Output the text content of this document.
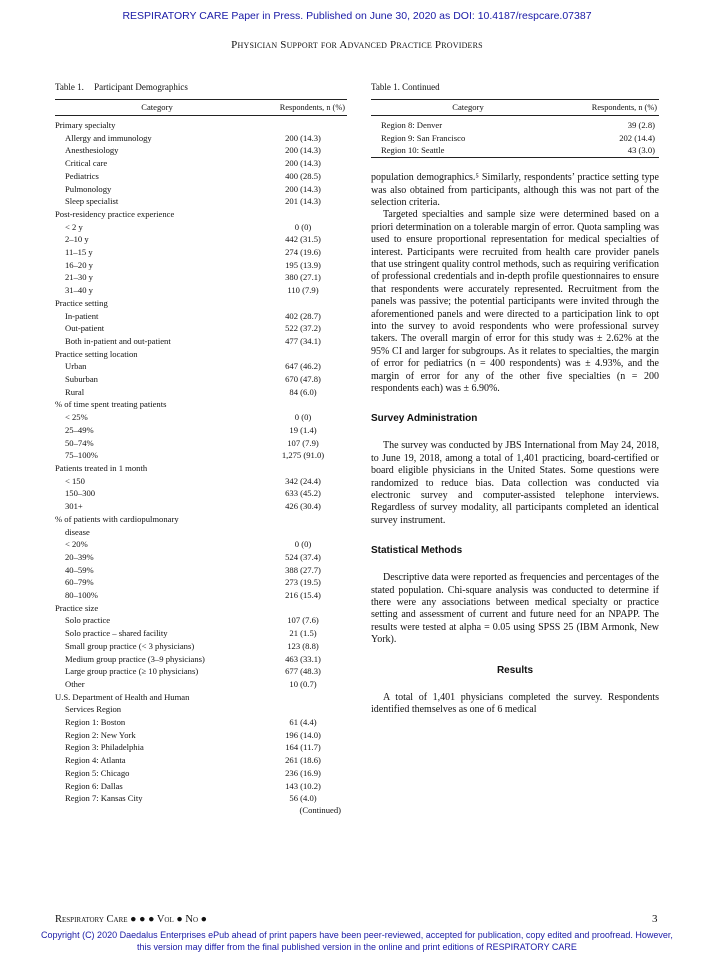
RESPIRATORY CARE Paper in Press. Published on June 30, 2020 as DOI: 10.4187/respcare.07387
Physician Support for Advanced Practice Providers
Table 1. Participant Demographics
Category	Respondents, n (%)
Primary specialty	
Allergy and immunology	200 (14.3)
Anesthesiology	200 (14.3)
Critical care	200 (14.3)
Pediatrics	400 (28.5)
Pulmonology	200 (14.3)
Sleep specialist	201 (14.3)
Post-residency practice experience	
< 2 y	0 (0)
2–10 y	442 (31.5)
11–15 y	274 (19.6)
16–20 y	195 (13.9)
21–30 y	380 (27.1)
31–40 y	110 (7.9)
Practice setting	
In-patient	402 (28.7)
Out-patient	522 (37.2)
Both in-patient and out-patient	477 (34.1)
Practice setting location	
Urban	647 (46.2)
Suburban	670 (47.8)
Rural	84 (6.0)
% of time spent treating patients	
< 25%	0 (0)
25–49%	19 (1.4)
50–74%	107 (7.9)
75–100%	1,275 (91.0)
Patients treated in 1 month	
< 150	342 (24.4)
150–300	633 (45.2)
301+	426 (30.4)
% of patients with cardiopulmonary	
disease	
< 20%	0 (0)
20–39%	524 (37.4)
40–59%	388 (27.7)
60–79%	273 (19.5)
80–100%	216 (15.4)
Practice size	
Solo practice	107 (7.6)
Solo practice – shared facility	21 (1.5)
Small group practice (< 3 physicians)	123 (8.8)
Medium group practice (3–9 physicians)	463 (33.1)
Large group practice (≥ 10 physicians)	677 (48.3)
Other	10 (0.7)
U.S. Department of Health and Human	
Services Region	
Region 1: Boston	61 (4.4)
Region 2: New York	196 (14.0)
Region 3: Philadelphia	164 (11.7)
Region 4: Atlanta	261 (18.6)
Region 5: Chicago	236 (16.9)
Region 6: Dallas	143 (10.2)
Region 7: Kansas City	56 (4.0)
(Continued)
Table 1. Continued
Category	Respondents, n (%)
Region 8: Denver	39 (2.8)
Region 9: San Francisco	202 (14.4)
Region 10: Seattle	43 (3.0)

population demographics.⁵ Similarly, respondents’ practice setting type was also obtained from participants, although this was not part of the selection criteria.

Targeted specialties and sample size were determined based on a priori determination on a tolerable margin of error. Quota sampling was used to ensure proportional representation for medical specialties of interest. Participants were recruited from health care provider panels that use stringent quality control methods, such as requiring verification of professional credentials and in-depth profile questionnaires to ensure that respondents were accurately represented. Recruitment from the panels was passive; the potential participants were invited through the aforementioned panels and were directed to a participation link to opt into the survey to avoid respondents who were professional survey takers. The overall margin of error for this study was ± 2.62% at the 95% CI and larger for subgroups. As it relates to specialties, the margin of error for pediatrics (n = 400 respondents) was ± 4.93%, and the margin of error for any of the other five specialties (n = 200 respondents each) was ± 6.90%.

Survey Administration

The survey was conducted by JBS International from May 24, 2018, to June 19, 2018, among a total of 1,401 practicing, board-certified or board eligible physicians in the United States. Some questions were randomized to reduce bias. Data collection was conducted via electronic survey and computer-assisted telephone interviews. Regardless of survey modality, all participants completed an identical survey instrument.

Statistical Methods

Descriptive data were reported as frequencies and percentages of the stated population. Chi-square analysis was conducted to determine if there were any associations between medical specialty or practice setting and assessment of current and future need for an NPAPP. The results were tested at alpha = 0.05 using SPSS 25 (IBM Armonk, New York).

Results

A total of 1,401 physicians completed the survey. Respondents identified themselves as one of 6 medical

Respiratory Care ● ● ● Vol ● No ●	3
Copyright (C) 2020 Daedalus Enterprises ePub ahead of print papers have been peer-reviewed, accepted for publication, copy edited and proofread. However, this version may differ from the final published version in the online and print editions of RESPIRATORY CARE
